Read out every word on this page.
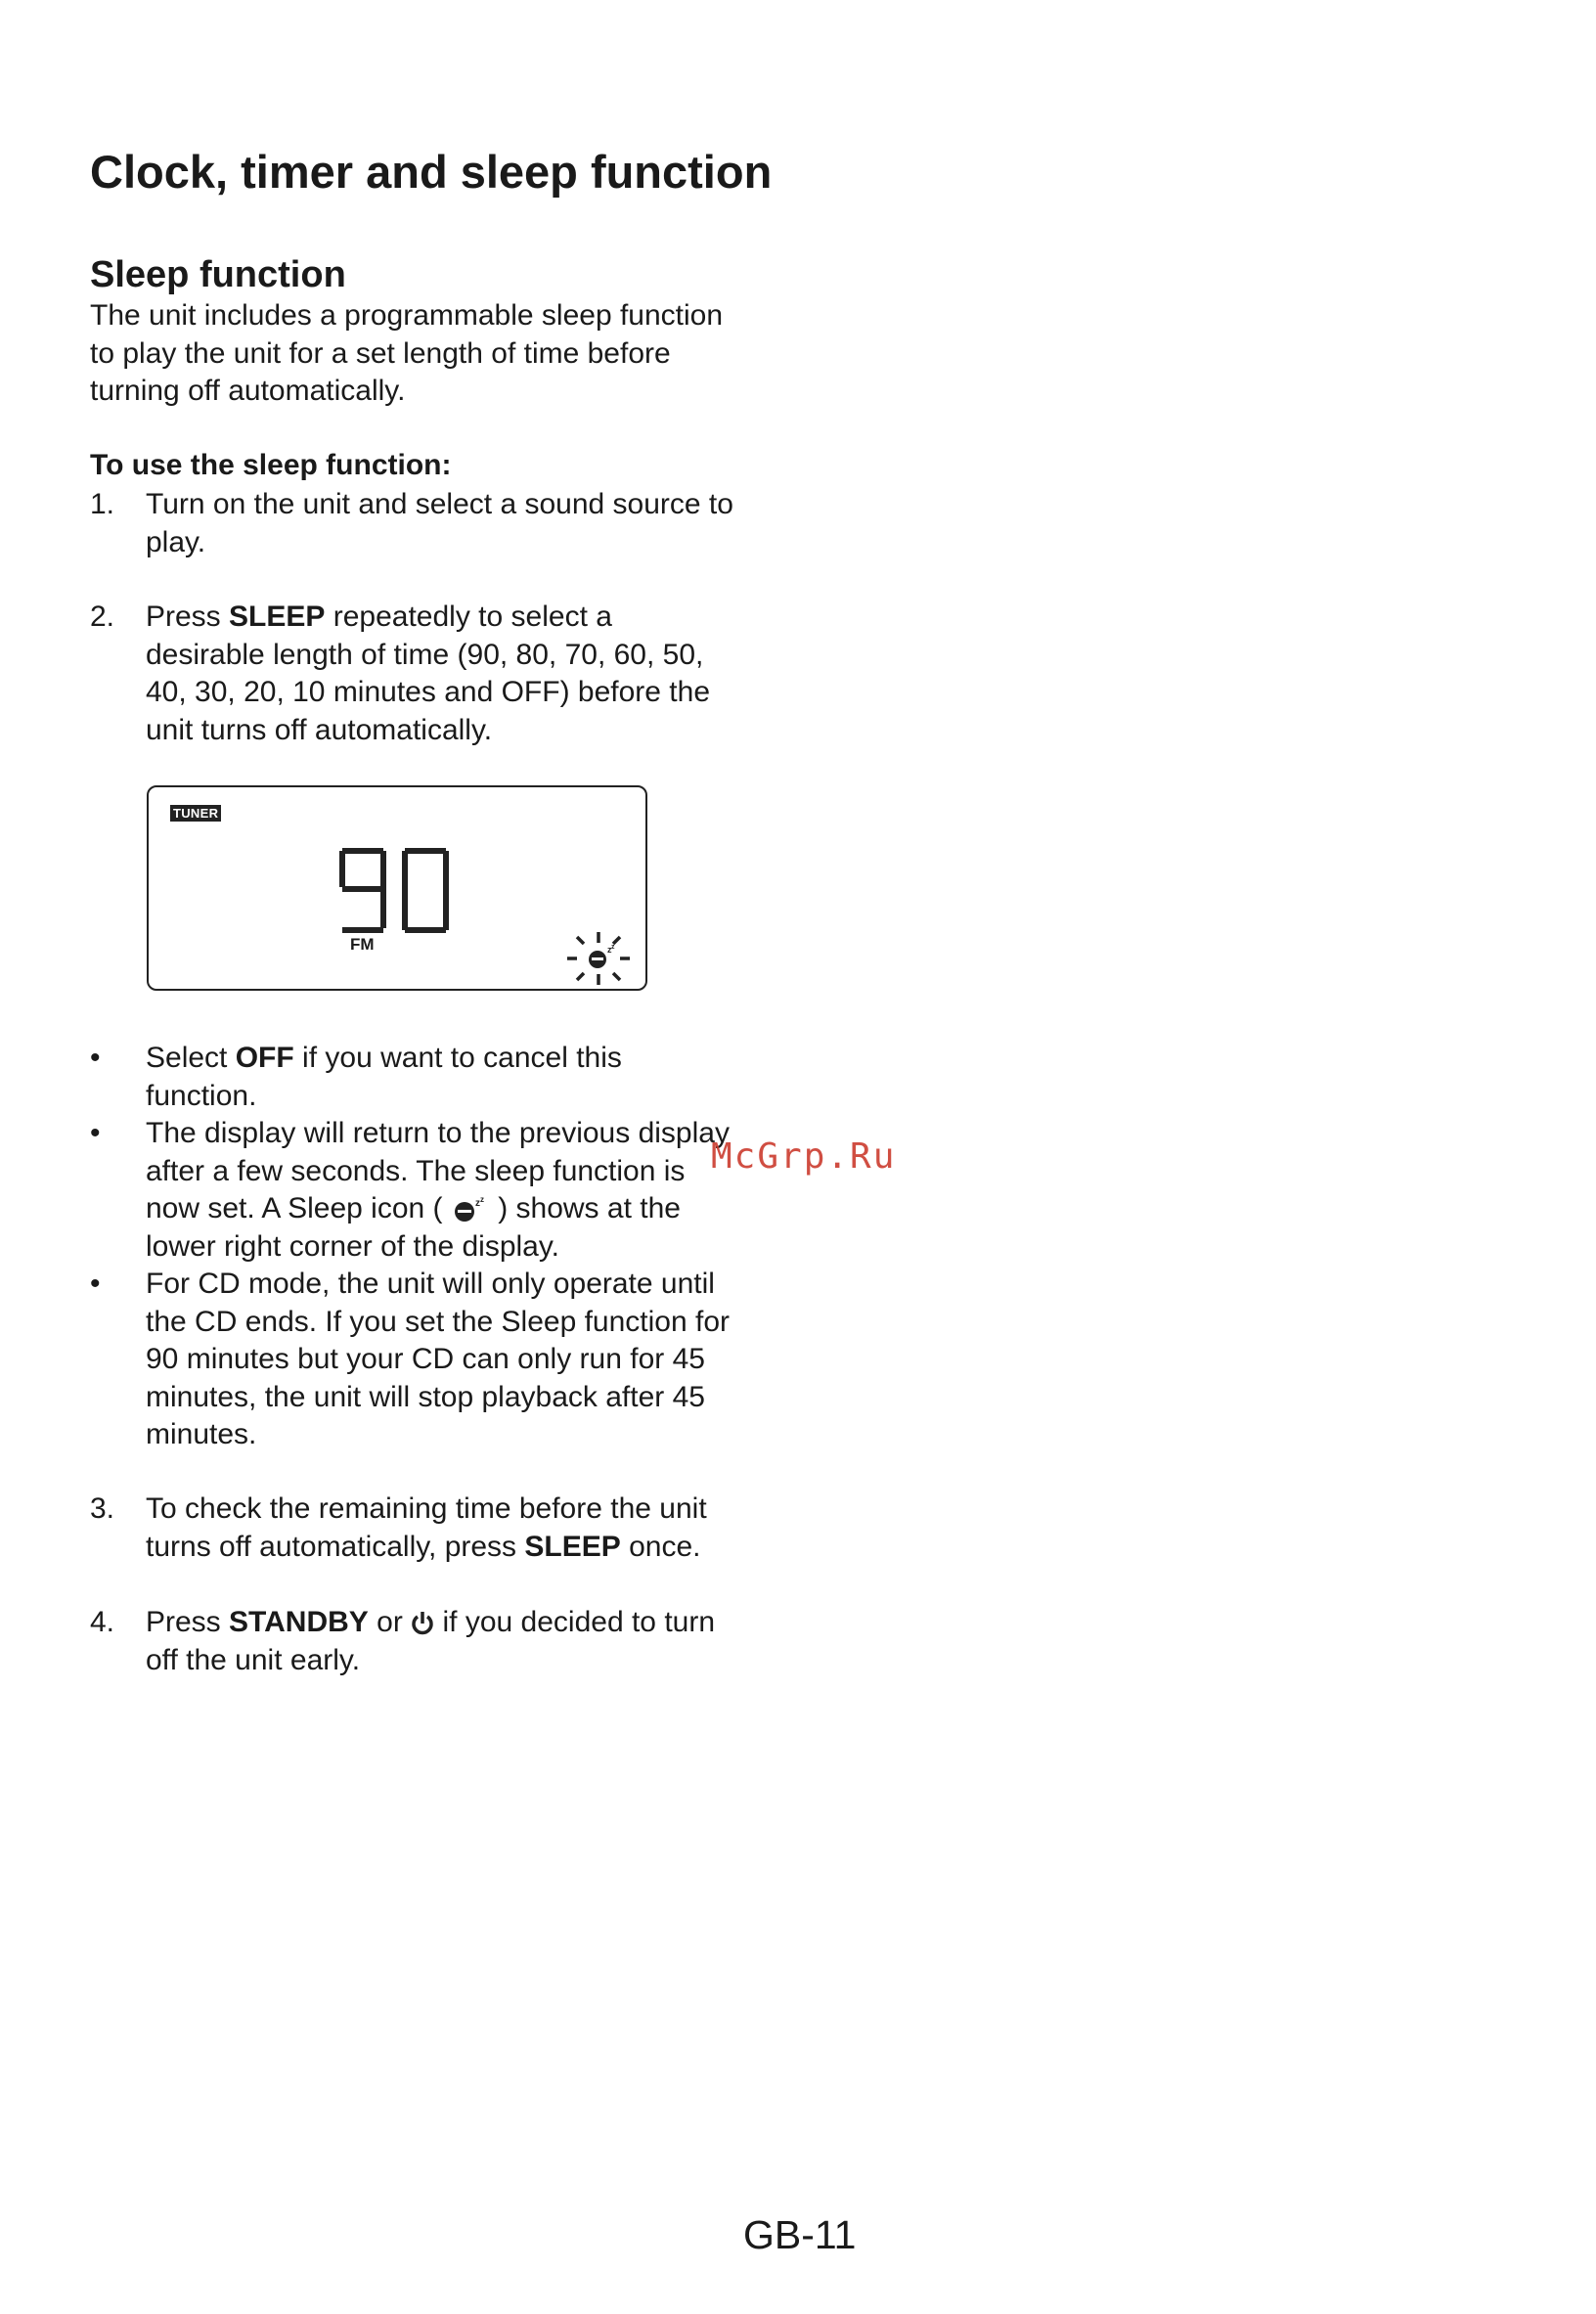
Clock, timer and sleep function
Sleep function
The unit includes a programmable sleep function
to play the unit for a set length of time before
turning off automatically.
To use the sleep function:
1. Turn on the unit and select a sound source to
play.
2. Press SLEEP repeatedly to select a
desirable length of time (90, 80, 70, 60, 50,
40, 30, 20, 10 minutes and OFF) before the
unit turns off automatically.
TUNER
90
FM	z z
• Select OFF if you want to cancel this
function.
• The display will return to the previous display
after a few seconds. The sleep function is
now set. A Sleep icon (	z z ) shows at the
lower right corner of the display.
• For CD mode, the unit will only operate until
the CD ends. If you set the Sleep function for
90 minutes but your CD can only run for 45
minutes, the unit will stop playback after 45
minutes.
3. To check the remaining time before the unit
turns off automatically, press SLEEP once.
4. Press STANDBY or  if you decided to turn
off the unit early.
McGrp.Ru
GB-11
